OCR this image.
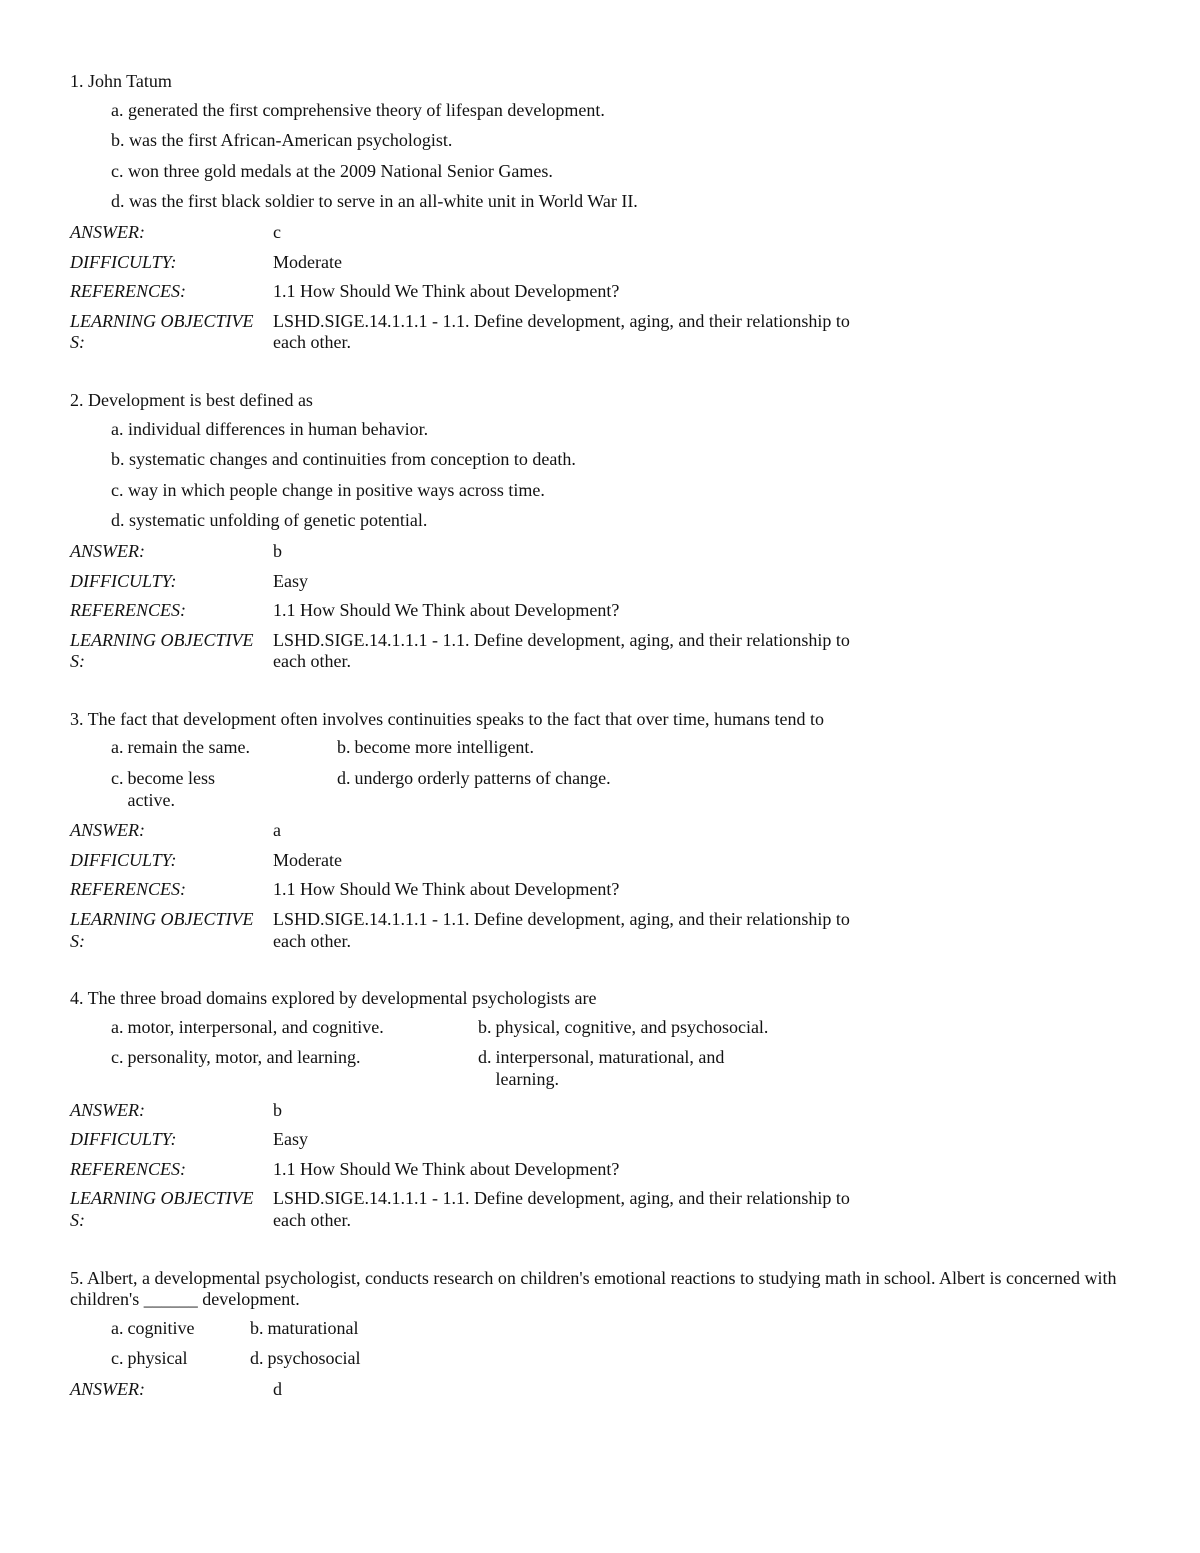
1. John Tatum
a. generated the first comprehensive theory of lifespan development.
b. was the first African-American psychologist.
c. won three gold medals at the 2009 National Senior Games.
d. was the first black soldier to serve in an all-white unit in World War II.
ANSWER:	c
DIFFICULTY:	Moderate
REFERENCES:	1.1 How Should We Think about Development?
LEARNING OBJECTIVES:
LSHD.SIGE.14.1.1.1 - 1.1. Define development, aging, and their relationship to each other.
2. Development is best defined as
a. individual differences in human behavior.
b. systematic changes and continuities from conception to death.
c. way in which people change in positive ways across time.
d. systematic unfolding of genetic potential.
ANSWER:	b
DIFFICULTY:	Easy
REFERENCES:	1.1 How Should We Think about Development?
LEARNING OBJECTIVES:
LSHD.SIGE.14.1.1.1 - 1.1. Define development, aging, and their relationship to each other.
3. The fact that development often involves continuities speaks to the fact that over time, humans tend to
a. remain the same.	b. become more intelligent.
c. become less active.
d. undergo orderly patterns of change.
ANSWER:	a
DIFFICULTY:	Moderate
REFERENCES:	1.1 How Should We Think about Development?
LEARNING OBJECTIVES:
LSHD.SIGE.14.1.1.1 - 1.1. Define development, aging, and their relationship to each other.
4. The three broad domains explored by developmental psychologists are
a. motor, interpersonal, and cognitive.	b. physical, cognitive, and psychosocial.
c. personality, motor, and learning.	d. interpersonal, maturational, and learning.
ANSWER:	b
DIFFICULTY:	Easy
REFERENCES:	1.1 How Should We Think about Development?
LEARNING OBJECTIVES:
LSHD.SIGE.14.1.1.1 - 1.1. Define development, aging, and their relationship to each other.
5. Albert, a developmental psychologist, conducts research on children's emotional reactions to studying math in school. Albert is concerned with children's ______ development.
a. cognitive	b. maturational
c. physical	d. psychosocial
ANSWER:	d
